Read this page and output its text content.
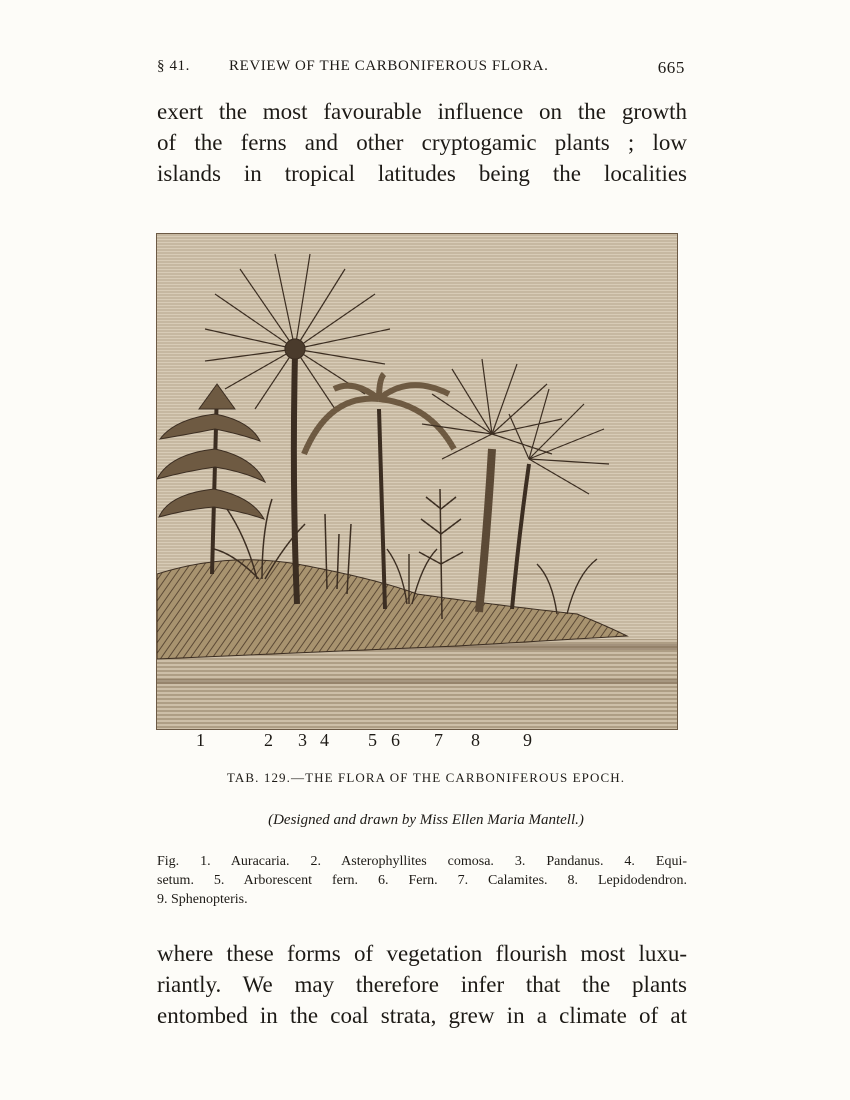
§ 41.	REVIEW OF THE CARBONIFEROUS FLORA.	665

exert the most favourable influence on the growth
of the ferns and other cryptogamic plants ; low
islands in tropical latitudes being the localities

1	2 3 4 5 6 7 8 9
TAB. 129.—THE FLORA OF THE CARBONIFEROUS EPOCH.
(Designed and drawn by Miss Ellen Maria Mantell.)

Fig. 1. Auracaria. 2. Asterophyllites comosa. 3. Pandanus. 4. Equi-
setum. 5. Arborescent fern. 6. Fern. 7. Calamites. 8. Lepidodendron.
9. Sphenopteris.

where these forms of vegetation flourish most luxu-
riantly. We may therefore infer that the plants
entombed in the coal strata, grew in a climate of at
